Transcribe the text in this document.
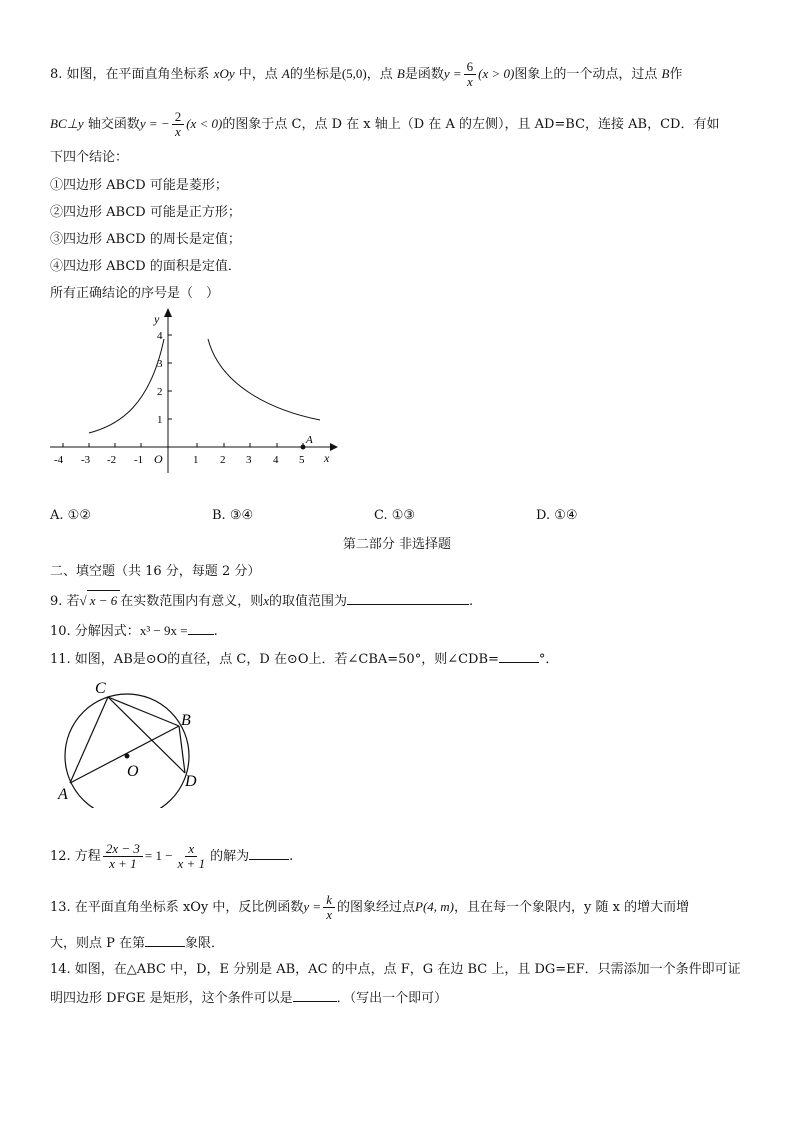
8. 如图，在平面直角坐标系 xOy 中，点 A的坐标是(5,0)，点 B是函数$y = \frac{6}{x} (x > 0)$图象上的一个动点，过点 B作
BC⊥y 轴交函数y = − $\frac{2}{x} (x < 0)$的图象于点 C，点 D 在 x 轴上（D 在 A 的左侧），且 AD=BC，连接 AB，CD．有如
下四个结论：
①四边形 ABCD 可能是菱形；
②四边形 ABCD 可能是正方形；
③四边形 ABCD 的周长是定值；
④四边形 ABCD 的面积是定值．
所有正确结论的序号是（　）
y
x
O
1
2
3
4
-4 -3 -2 -1	1 2 3 4 5
A
A. ①②	B. ③④	C. ①③	D. ①④
第二部分 非选择题
二、填空题（共 16 分，每题 2 分）
9. 若√ x − 6 在实数范围内有意义，则x的取值范围为	.
10. 分解因式：x³ − 9x = .
11. 如图，AB是⊙O的直径，点 C，D 在⊙O上．若∠CBA=50°，则∠CDB=	°．
C
B
O
A
D
12. 方程 $\frac{2x - 3}{x + 1} = 1 - \frac{x}{x + 1}$ 的解为	.
13. 在平面直角坐标系 xOy 中，反比例函数$y = \frac{k}{x}$ 的图象经过点P(4, m)，且在每一个象限内，y 随 x 的增大而增
大，则点 P 在第	象限．
14. 如图，在△ABC 中，D，E 分别是 AB，AC 的中点，点 F，G 在边 BC 上，且 DG=EF．只需添加一个条件即可证
明四边形 DFGE 是矩形，这个条件可以是	．（写出一个即可）
